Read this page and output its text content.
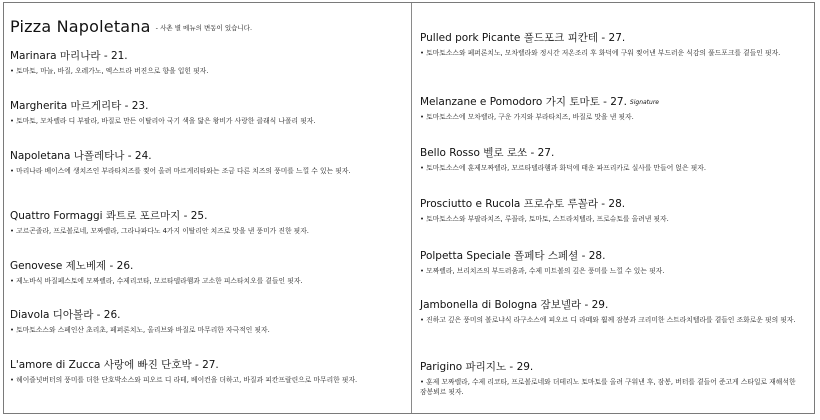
Pizza Napoletana - 사촌 별 메뉴의 변동이 있습니다.
Marinara 마리나라 - 21.
• 토마토, 마늘, 바질, 오레가노, 엑스트라 버진으로 향을 입힌 핏자.
Margherita 마르게리타 - 23.
• 토마토, 모차렐라 디 부팔라, 바질로 만든 이탈리아 국기 색을 닮은 왕비가 사랑한 클래식 나폴리 핏자.
Napoletana 나폴레타나 - 24.
• 마리나라 베이스에 생치즈인 부라타치즈를 찢어 올려 마르게리타와는 조금 다른 치즈의 풍미를 느낄 수 있는 핏자.
Quattro Formaggi 콰트로 포르마지 - 25.
• 고르곤졸라, 프로볼로네, 모짜렐라, 그라나파다노 4가지 이탈리안 치즈로 맛을 낸 풍미가 진한 핏자.
Genovese 제노베제 - 26.
• 제노바식 바질페스토에 모짜렐라, 수제리코타, 모르타델라햄과 고소한 피스타치오를 곁들인 핏자.
Diavola 디아볼라 - 26.
• 토마토소스와 스페인산 초리초, 페퍼론치노, 올리브와 바질로 마무리한 자극적인 핏자.
L'amore di Zucca 사랑에 빠진 단호박 - 27.
• 헤이즐넛버터의 풍미를 더한 단호박소스와 피오르 디 라테, 베이컨을 더하고, 바질과 피칸프랄린으로 마무리한 핏자.
Pulled pork Picante 풀드포크 피칸테 - 27.
• 토마토소스와 페퍼론치노, 모차렐라와 정시간 저온조리 후 화덕에 구워 찢어낸 부드러운 식감의 풀드포크를 곁들인 핏자.
Melanzane e Pomodoro 가지 토마토 - 27. Signature
• 토마토소스에 모차렐라, 구운 가지와 부라타치즈, 바질로 맛을 낸 핏자.
Bello Rosso 벨로 로쏘 - 27.
• 토마토소스에 훈제모짜렐라, 모르타델라햄과 화덕에 태운 파프리카로 실사를 만들어 얹은 핏자.
Prosciutto e Rucola 프로슈토 루꼴라 - 28.
• 토마토소스와 부팔라치즈, 루꼴라, 토마토, 스트라치텔라, 프로슈토를 올려낸 핏자.
Polpetta Speciale 폴페타 스페셜 - 28.
• 모짜렐라, 브리치즈의 부드러움과, 수제 미트볼의 깊은 풍미를 느낄 수 있는 핏자.
Jambonella di Bologna 잠보넬라 - 29.
• 진하고 깊은 풍미의 볼로냐식 라구소스에 피오르 디 라떼와 훨께 잠봉과 크리미한 스트라치텔라를 곁들인 조화로운 핏의 핏자.
Parigino 파리지노 - 29.
• 훈제 모짜렐라, 수제 리코타, 프로볼로네와 더테리노 토마토를 올려 구워낸 후, 잠봉, 버터를 곁들어 준고게 스타일로 재해석한 잠봉뵈르 핏자.
